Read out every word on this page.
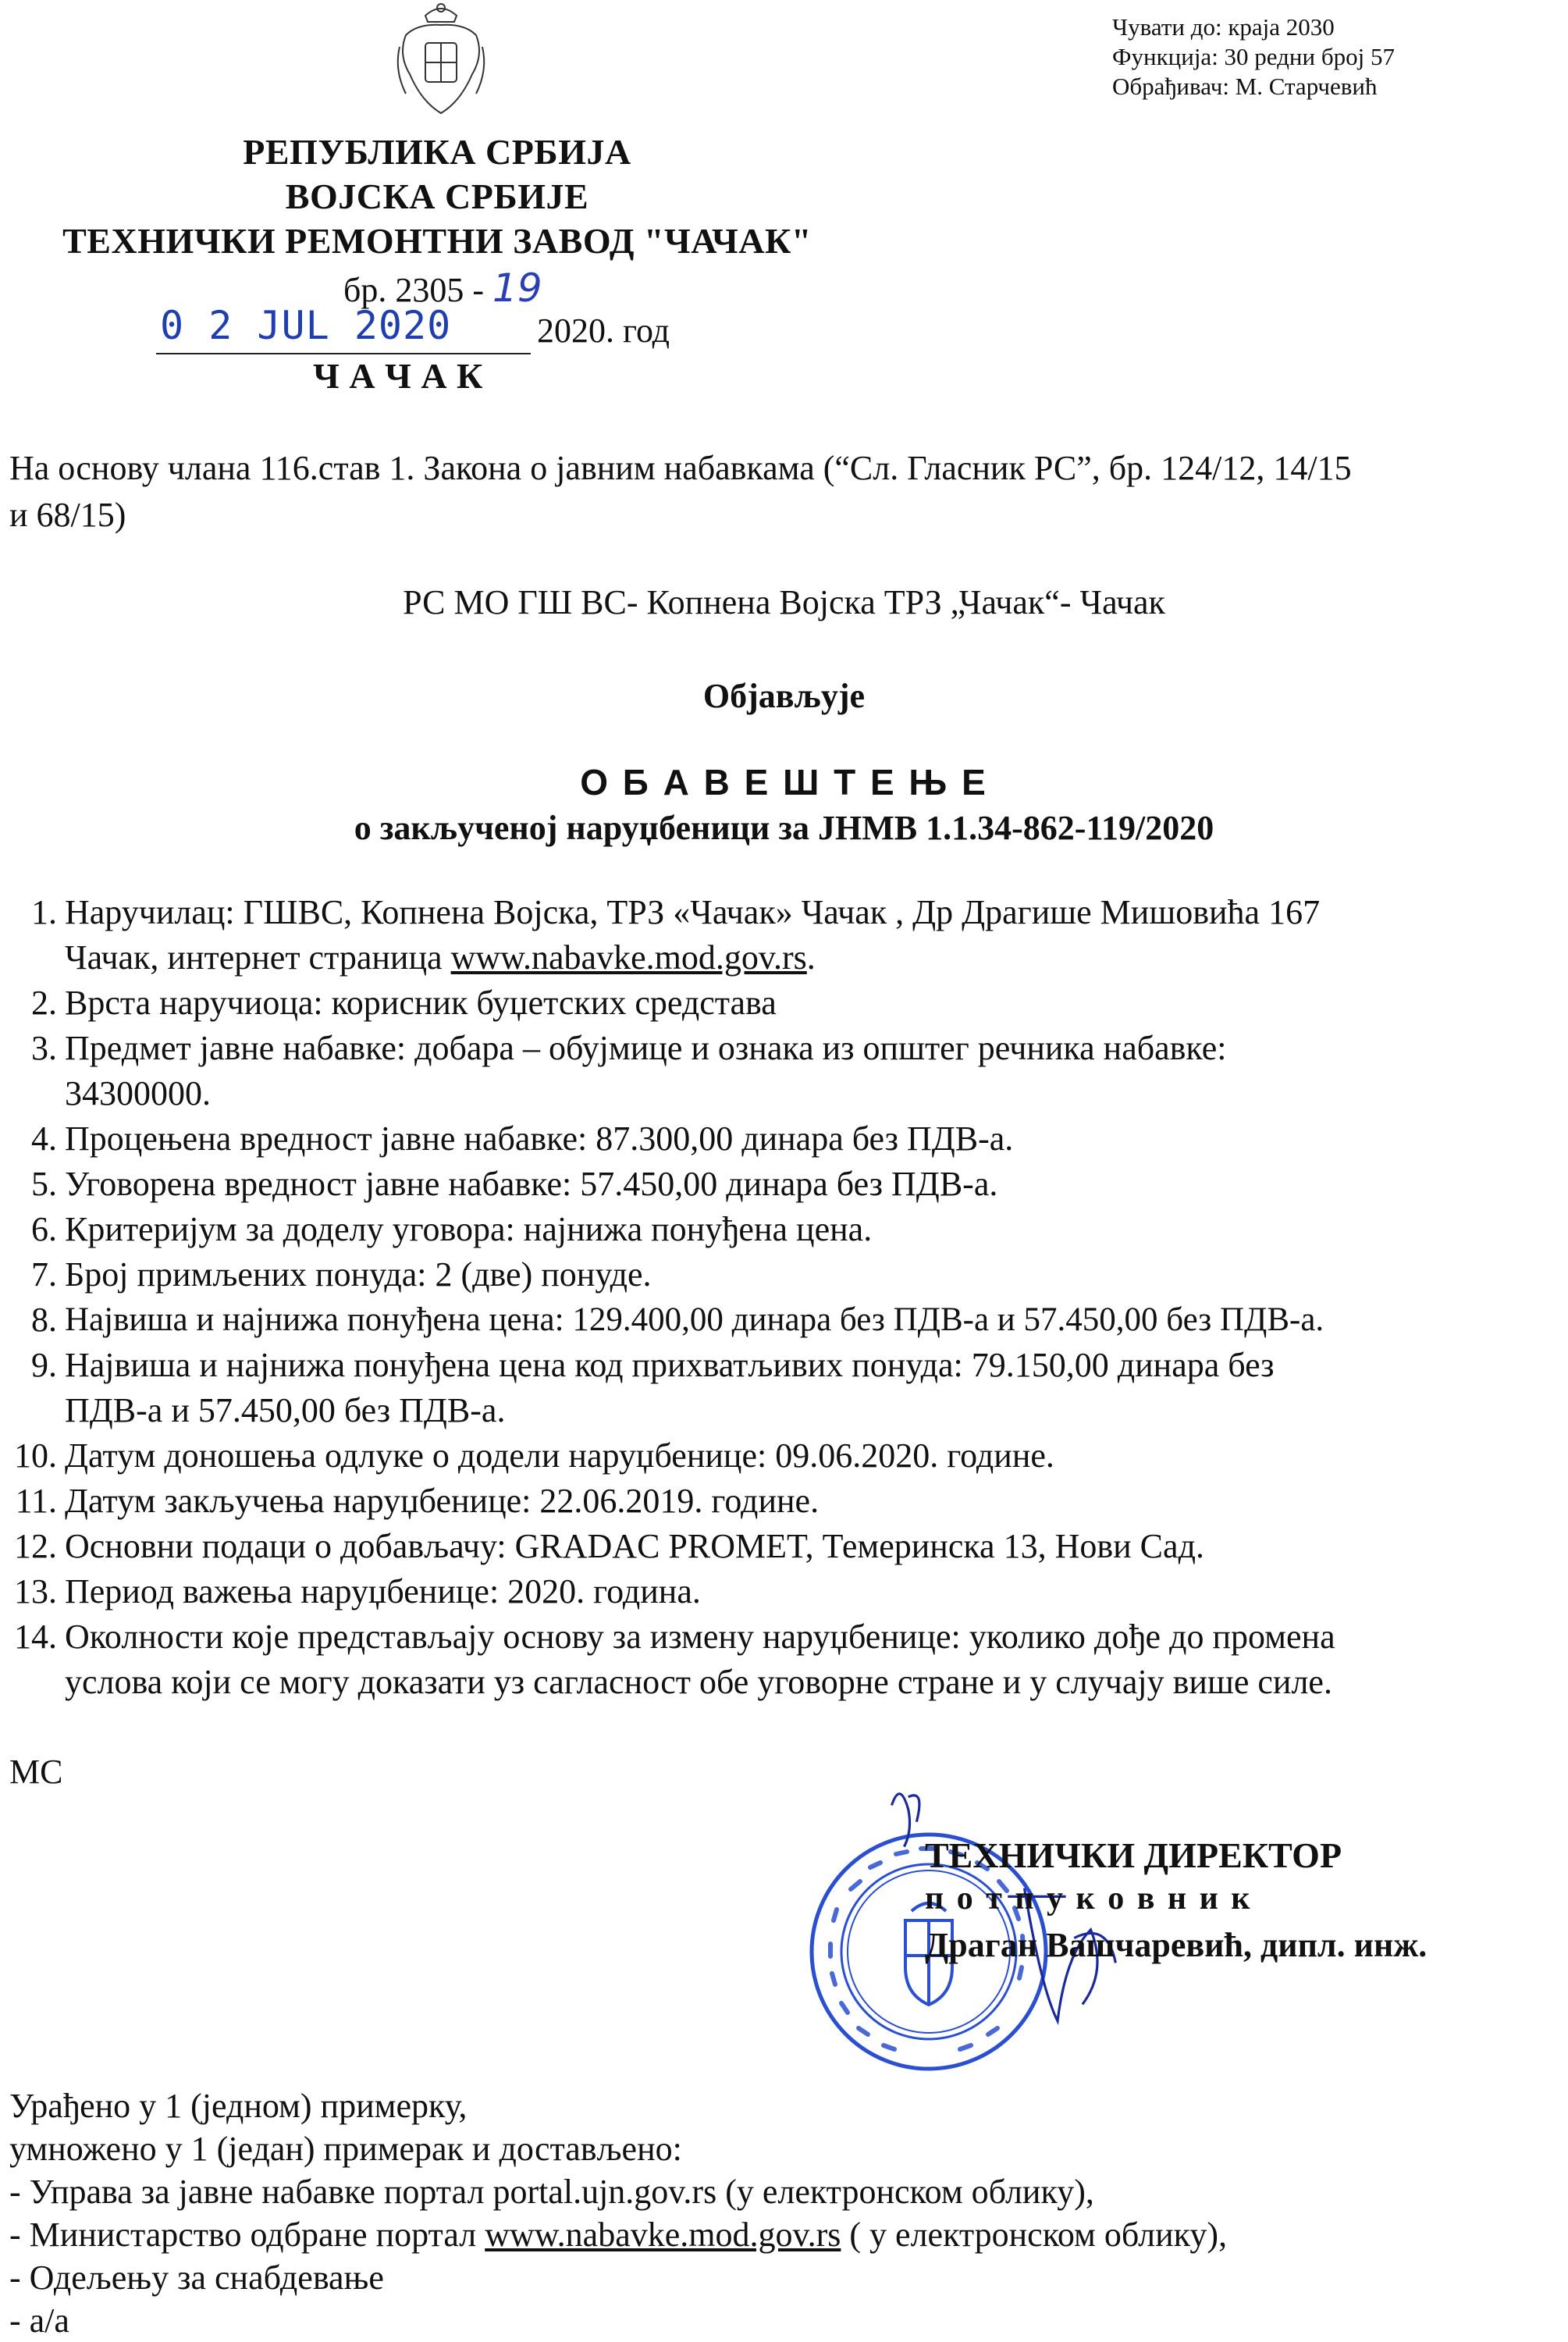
Чувати до: краја 2030
Функција: 30 редни број 57
Обрађивач: М. Старчевић
РЕПУБЛИКА СРБИЈА
ВОЈСКА СРБИЈЕ
ТЕХНИЧКИ РЕМОНТНИ ЗАВОД "ЧАЧАК"
бр. 2305 - 19
0 2 JUL 2020 2020. год
Ч А Ч А К
На основу члана 116.став 1. Закона о јавним набавкама (“Сл. Гласник РС”, бр. 124/12, 14/15
и 68/15)
РС МО ГШ ВС- Копнена Војска ТРЗ „Чачак“- Чачак
Објављује
О Б А В Е Ш Т Е Њ Е
о закљученој наруџбеници за ЈНМВ 1.1.34-862-119/2020
1. Наручилац: ГШВС, Копнена Војска, ТРЗ «Чачак» Чачак , Др Драгише Мишовића 167
Чачак, интернет страница www.nabavke.mod.gov.rs.
2. Врста наручиоца: корисник буџетских средстава
3. Предмет јавне набавке: добара – обујмице и ознака из општег речника набавке:
34300000.
4. Процењена вредност јавне набавке: 87.300,00 динара без ПДВ-а.
5. Уговорена вредност јавне набавке: 57.450,00 динара без ПДВ-а.
6. Критеријум за доделу уговора: најнижа понуђена цена.
7. Број примљених понуда: 2 (две) понуде.
8. Највиша и најнижа понуђена цена: 129.400,00 динара без ПДВ-а и 57.450,00 без ПДВ-а.
9. Највиша и најнижа понуђена цена код прихватљивих понуда: 79.150,00 динара без
ПДВ-а и 57.450,00 без ПДВ-а.
10. Датум доношења одлуке о додели наруџбенице: 09.06.2020. године.
11. Датум закључења наруџбенице: 22.06.2019. године.
12. Основни подаци о добављачу: GRADAC PROMET, Темеринска 13, Нови Сад.
13. Период важења наруџбенице: 2020. година.
14. Околности које представљају основу за измену наруџбенице: уколико дође до промена
услова који се могу доказати уз сагласност обе уговорне стране и у случају више силе.
МС
ТЕХНИЧКИ ДИРЕКТОР
п о т п у к о в н и к
Драган Вашчаревић, дипл. инж.
Урађено у 1 (једном) примерку,
умножено у 1 (један) примерак и достављено:
- Управа за јавне набавке портал portal.ujn.gov.rs (у електронском облику),
- Министарство одбране портал www.nabavke.mod.gov.rs ( у електронском облику),
- Одељењу за снабдевање
- а/а
